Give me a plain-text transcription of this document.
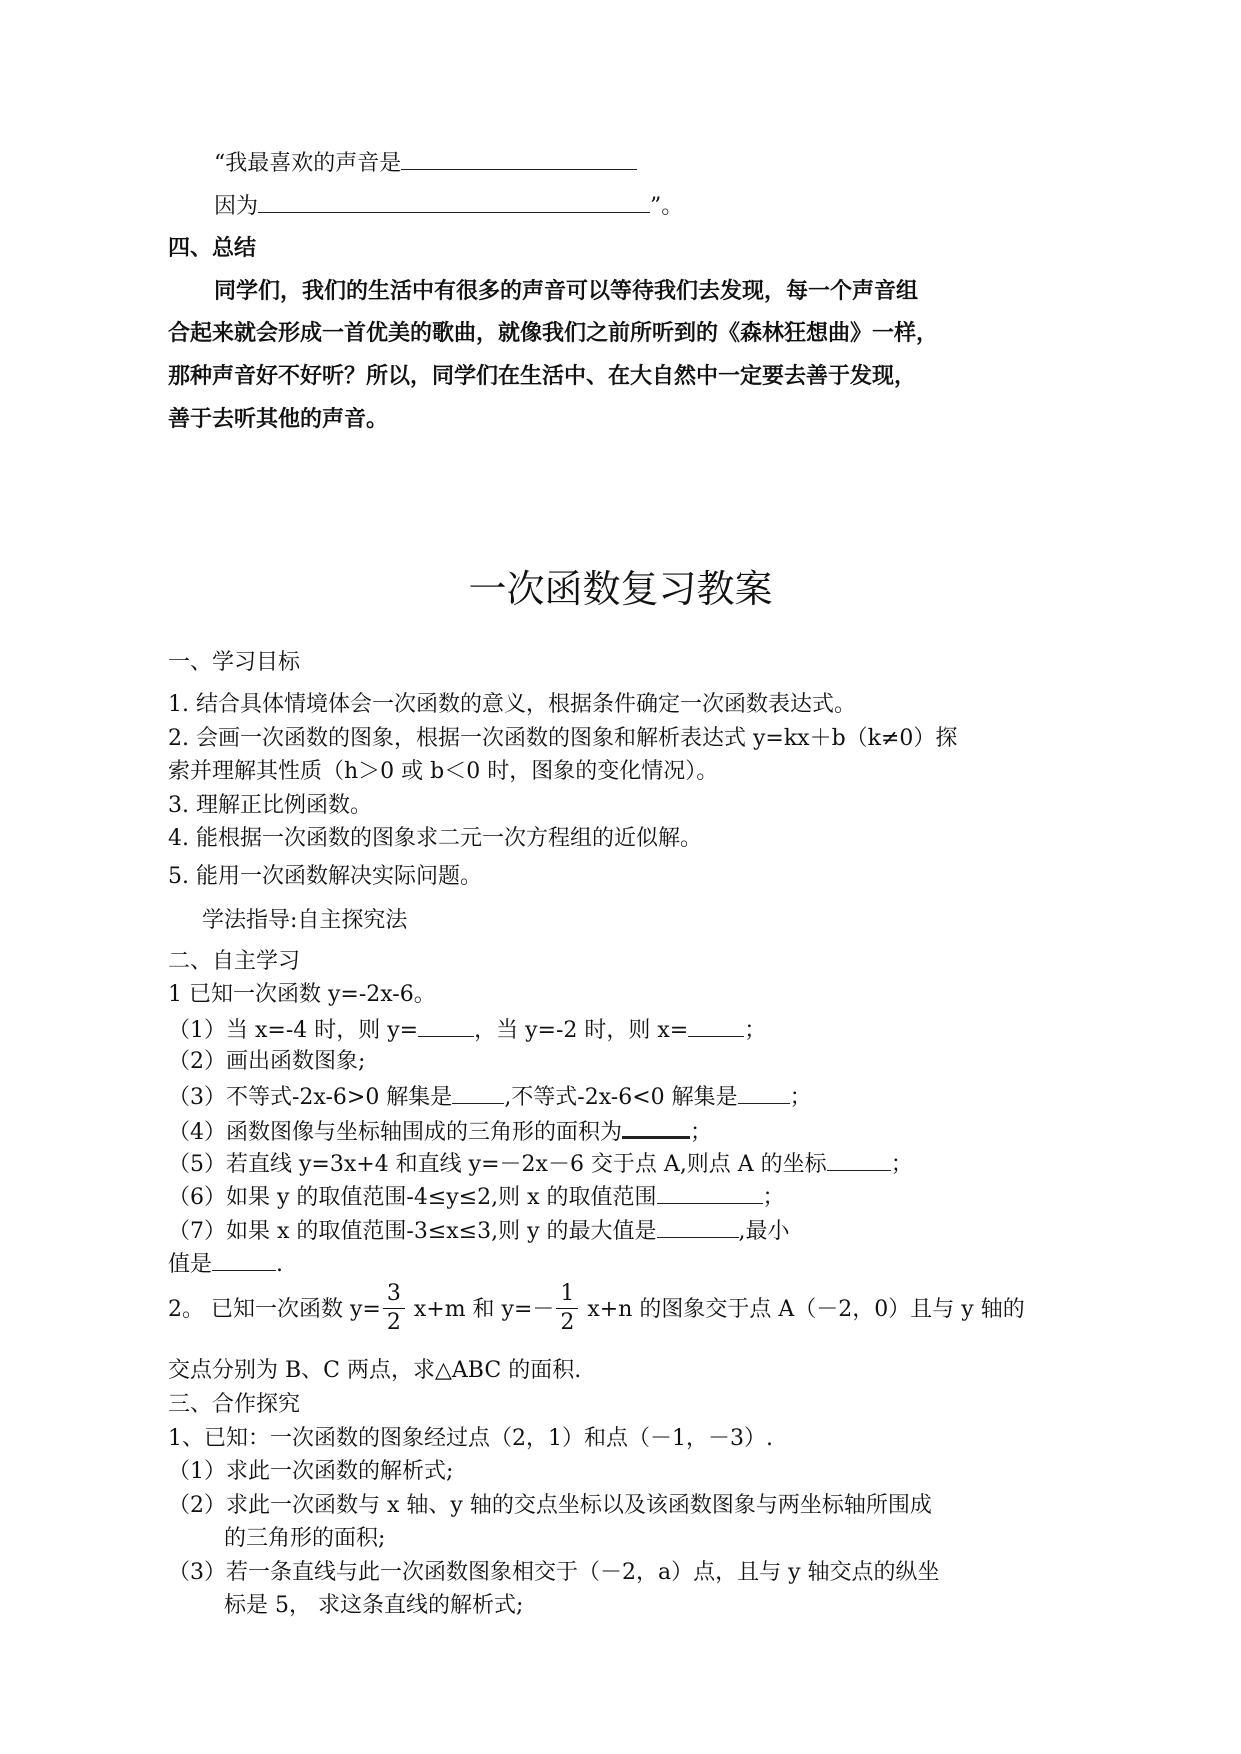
“我最喜欢的声音是
因为	”。
四、总结
同学们，我们的生活中有很多的声音可以等待我们去发现，每一个声音组
合起来就会形成一首优美的歌曲，就像我们之前所听到的《森林狂想曲》一样，
那种声音好不好听？所以，同学们在生活中、在大自然中一定要去善于发现，
善于去听其他的声音。
一次函数复习教案
一、学习目标
1. 结合具体情境体会一次函数的意义，根据条件确定一次函数表达式。
2. 会画一次函数的图象，根据一次函数的图象和解析表达式 y=kx＋b（k≠0）探
索并理解其性质（h＞0 或 b＜0 时，图象的变化情况）。
3. 理解正比例函数。
4. 能根据一次函数的图象求二元一次方程组的近似解。
5. 能用一次函数解决实际问题。
学法指导:自主探究法
二、自主学习
1 已知一次函数 y=-2x-6。
（1）当 x=-4 时，则 y=	，当 y=-2 时，则 x=	；
（2）画出函数图象;
（3）不等式-2x-6>0 解集是 ,不等式-2x-6<0 解集是 ；
（4）函数图像与坐标轴围成的三角形的面积为	；
（5）若直线 y=3x+4 和直线 y=－2x－6 交于点 A,则点 A 的坐标	；
（6）如果 y 的取值范围-4≤y≤2,则 x 的取值范围	；
（7）如果 x 的取值范围-3≤x≤3,则 y 的最大值是	,最小
值是	.
2。 已知一次函数 $y= \frac{3}{2} x+m$ 和 $y=- \frac{1}{2} x+n$ 的图象交于点 A（－2，0）且与 y 轴的
交点分别为 B、C 两点，求△ABC 的面积.
三、合作探究
1、已知：一次函数的图象经过点（2，1）和点（－1，－3）.
（1）求此一次函数的解析式;
（2）求此一次函数与 x 轴、y 轴的交点坐标以及该函数图象与两坐标轴所围成
的三角形的面积;
（3）若一条直线与此一次函数图象相交于（－2，a）点，且与 y 轴交点的纵坐
标是 5， 求这条直线的解析式;
